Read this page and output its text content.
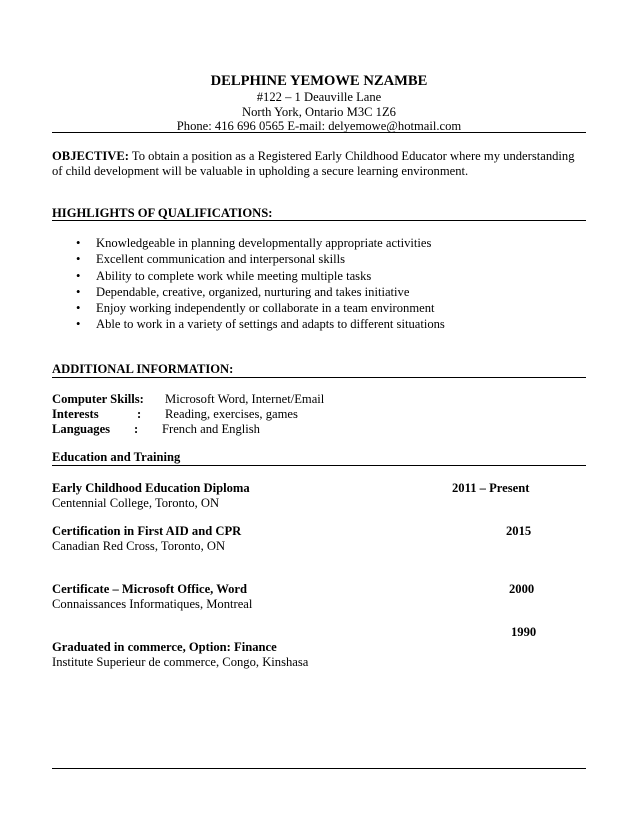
DELPHINE YEMOWE NZAMBE
#122 – 1 Deauville Lane
North York, Ontario M3C 1Z6
Phone: 416 696 0565 E-mail: delyemowe@hotmail.com
OBJECTIVE: To obtain a position as a Registered Early Childhood Educator where my understanding of child development will be valuable in upholding a secure learning environment.
HIGHLIGHTS OF QUALIFICATIONS:
• Knowledgeable in planning developmentally appropriate activities
• Excellent communication and interpersonal skills
• Ability to complete work while meeting multiple tasks
• Dependable, creative, organized, nurturing and takes initiative
• Enjoy working independently or collaborate in a team environment
• Able to work in a variety of settings and adapts to different situations
ADDITIONAL INFORMATION:
Computer Skills: Microsoft Word, Internet/Email
Interests	: Reading, exercises, games
Languages : French and English
Education and Training
Early Childhood Education Diploma	2011 – Present
Centennial College, Toronto, ON
Certification in First AID and CPR	2015
Canadian Red Cross, Toronto, ON
Certificate – Microsoft Office, Word	2000
Connaissances Informatiques, Montreal
1990
Graduated in commerce, Option: Finance
Institute Superieur de commerce, Congo, Kinshasa
